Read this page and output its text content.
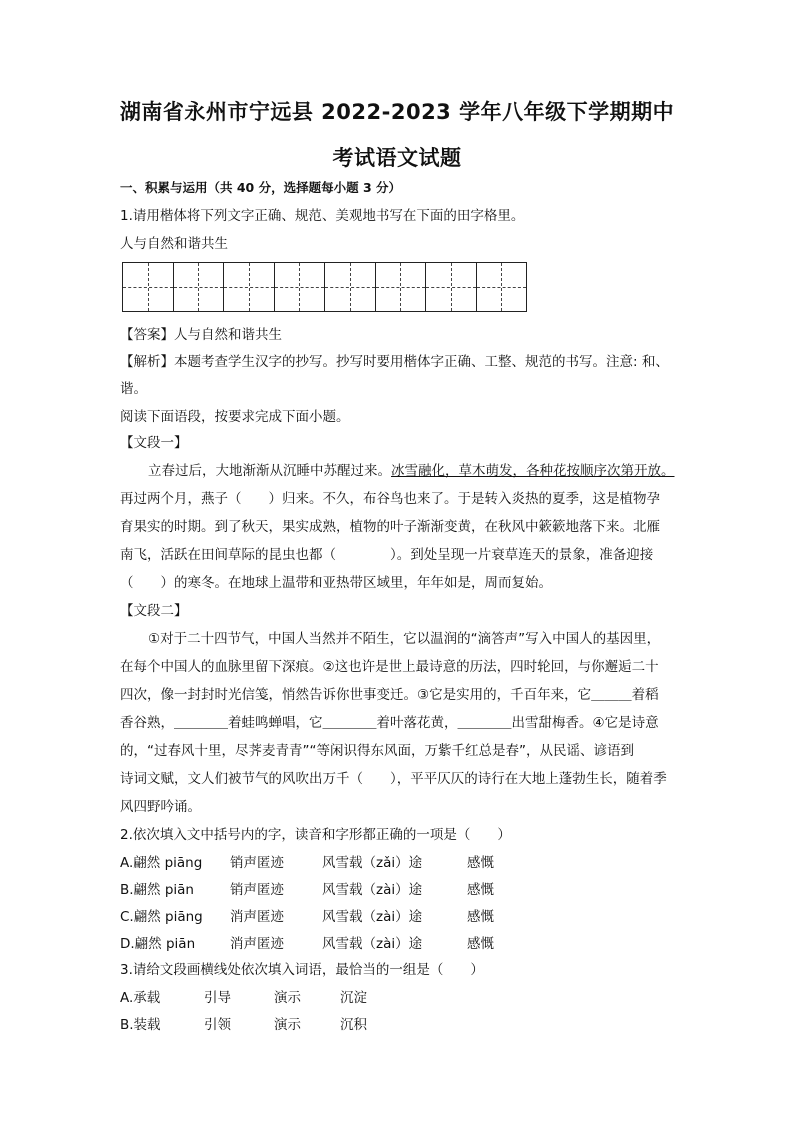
湖南省永州市宁远县 2022-2023 学年八年级下学期期中
考试语文试题
一、积累与运用（共 40 分，选择题每小题 3 分）
1.请用楷体将下列文字正确、规范、美观地书写在下面的田字格里。
人与自然和谐共生
【答案】人与自然和谐共生
【解析】本题考查学生汉字的抄写。抄写时要用楷体字正确、工整、规范的书写。注意: 和、
谐。
阅读下面语段，按要求完成下面小题。
【文段一】
立春过后，大地渐渐从沉睡中苏醒过来。冰雪融化，草木萌发，各种花按顺序次第开放。
再过两个月，燕子（　　）归来。不久，布谷鸟也来了。于是转入炎热的夏季，这是植物孕
育果实的时期。到了秋天，果实成熟，植物的叶子渐渐变黄，在秋风中簌簌地落下来。北雁
南飞，活跃在田间草际的昆虫也都（　　　　）。到处呈现一片衰草连天的景象，准备迎接
（　　）的寒冬。在地球上温带和亚热带区域里，年年如是，周而复始。
【文段二】
①对于二十四节气，中国人当然并不陌生，它以温润的“滴答声”写入中国人的基因里，
在每个中国人的血脉里留下深痕。②这也许是世上最诗意的历法，四时轮回，与你邂逅二十
四次，像一封封时光信笺，悄然告诉你世事变迁。③它是实用的，千百年来，它＿＿＿着稻
香谷熟，＿＿＿＿着蛙鸣蝉唱，它＿＿＿＿着叶落花黄，＿＿＿＿出雪甜梅香。④它是诗意
的，“过春风十里，尽荠麦青青”“等闲识得东风面，万紫千红总是春”，从民谣、谚语到
诗词文赋，文人们被节气的风吹出万千（　　），平平仄仄的诗行在大地上蓬勃生长，随着季
风四野吟诵。
2.依次填入文中括号内的字，读音和字形都正确的一项是（　　）
A.翩然 piāng 销声匿迹	风雪载（zǎi）途	感慨
B.翩然 piān	销声匿迹	风雪载（zài）途	感慨
C.翩然 piāng 消声匿迹	风雪载（zài）途	感慨
D.翩然 piān	消声匿迹	风雪载（zài）途	感慨
3.请给文段画横线处依次填入词语，最恰当的一组是（　　）
A.承载	引导	演示	沉淀
B.装载	引领	演示	沉积
